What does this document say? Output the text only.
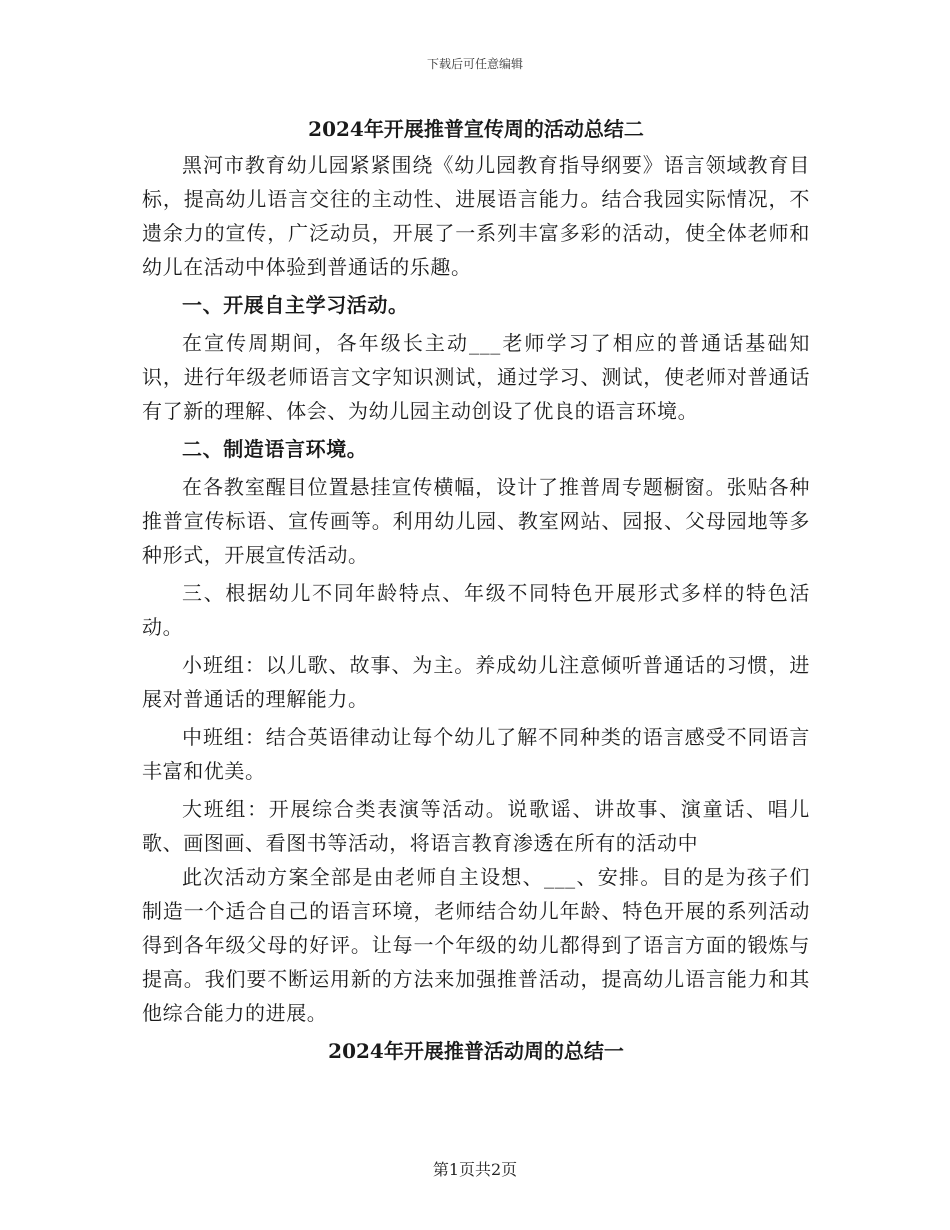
下载后可任意编辑
2024年开展推普宣传周的活动总结二

黑河市教育幼儿园紧紧围绕《幼儿园教育指导纲要》语言领域教育目标，提高幼儿语言交往的主动性、进展语言能力。结合我园实际情况，不遗余力的宣传，广泛动员，开展了一系列丰富多彩的活动，使全体老师和幼儿在活动中体验到普通话的乐趣。

一、开展自主学习活动。

在宣传周期间，各年级长主动___老师学习了相应的普通话基础知识，进行年级老师语言文字知识测试，通过学习、测试，使老师对普通话有了新的理解、体会、为幼儿园主动创设了优良的语言环境。

二、制造语言环境。

在各教室醒目位置悬挂宣传横幅，设计了推普周专题橱窗。张贴各种推普宣传标语、宣传画等。利用幼儿园、教室网站、园报、父母园地等多种形式，开展宣传活动。

三、根据幼儿不同年龄特点、年级不同特色开展形式多样的特色活动。

小班组：以儿歌、故事、为主。养成幼儿注意倾听普通话的习惯，进展对普通话的理解能力。

中班组：结合英语律动让每个幼儿了解不同种类的语言感受不同语言丰富和优美。

大班组：开展综合类表演等活动。说歌谣、讲故事、演童话、唱儿歌、画图画、看图书等活动，将语言教育渗透在所有的活动中

此次活动方案全部是由老师自主设想、___、安排。目的是为孩子们制造一个适合自己的语言环境，老师结合幼儿年龄、特色开展的系列活动得到各年级父母的好评。让每一个年级的幼儿都得到了语言方面的锻炼与提高。我们要不断运用新的方法来加强推普活动，提高幼儿语言能力和其他综合能力的进展。

2024年开展推普活动周的总结一
第1页共2页
